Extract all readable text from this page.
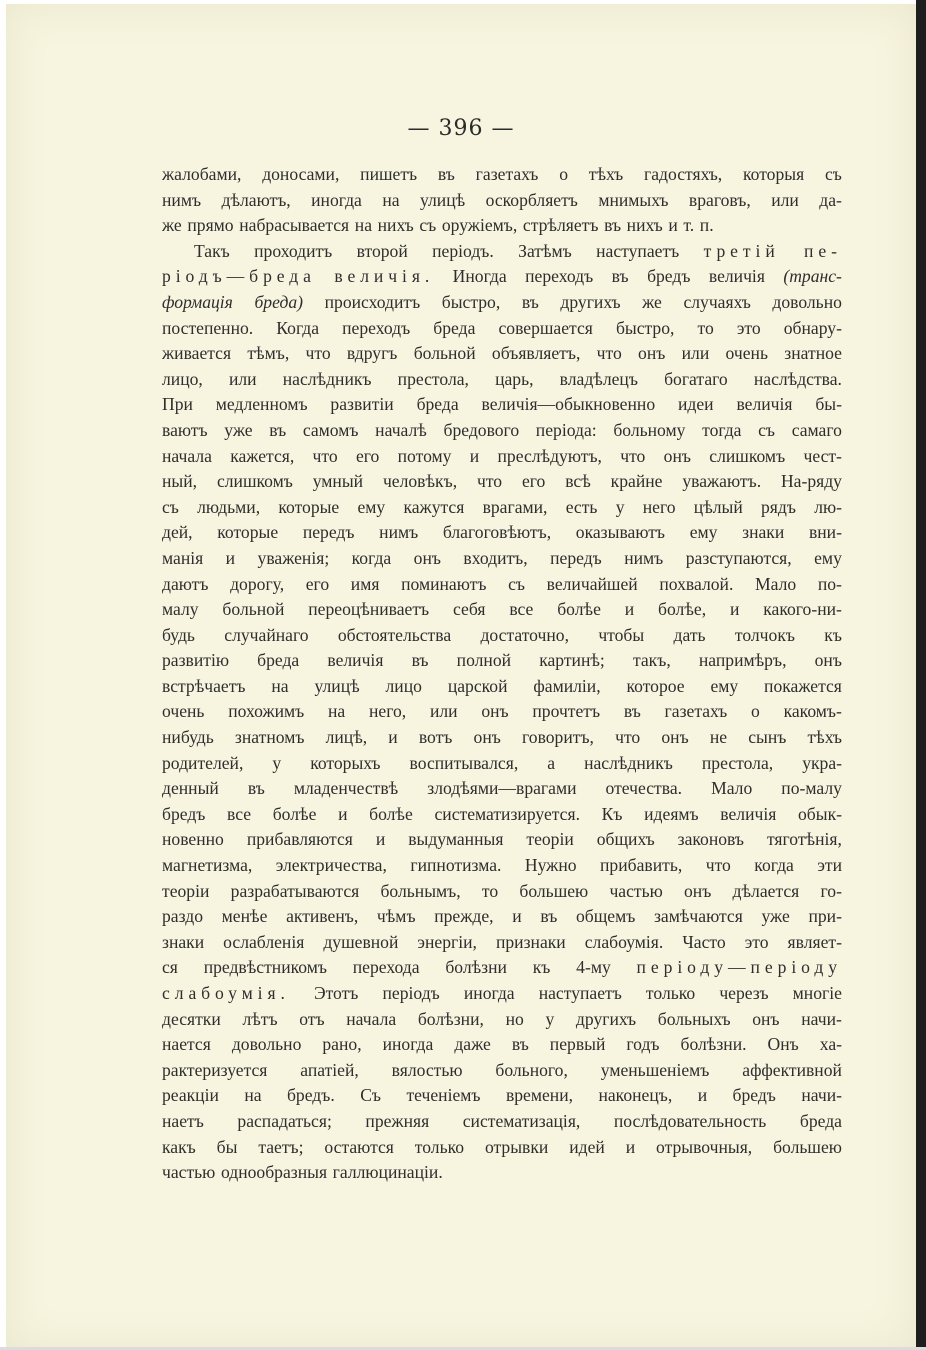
— 396 —
жалобами, доносами, пишетъ въ газетахъ о тѣхъ гадостяхъ, которыя съ
нимъ дѣлаютъ, иногда на улицѣ оскорбляетъ мнимыхъ враговъ, или да-
же прямо набрасывается на нихъ съ оружіемъ, стрѣляетъ въ нихъ и т. п.
Такъ проходитъ второй періодъ. Затѣмъ наступаетъ третій пе-
ріодъ—бреда величія. Иногда переходъ въ бредъ величія (транс-
формація бреда) происходитъ быстро, въ другихъ же случаяхъ довольно
постепенно. Когда переходъ бреда совершается быстро, то это обнару-
живается тѣмъ, что вдругъ больной объявляетъ, что онъ или очень знатное
лицо, или наслѣдникъ престола, царь, владѣлецъ богатаго наслѣдства.
При медленномъ развитіи бреда величія—обыкновенно идеи величія бы-
ваютъ уже въ самомъ началѣ бредового періода: больному тогда съ самаго
начала кажется, что его потому и преслѣдуютъ, что онъ слишкомъ чест-
ный, слишкомъ умный человѣкъ, что его всѣ крайне уважаютъ. На-ряду
съ людьми, которые ему кажутся врагами, есть у него цѣлый рядъ лю-
дей, которые передъ нимъ благоговѣютъ, оказываютъ ему знаки вни-
манія и уваженія; когда онъ входитъ, передъ нимъ разступаются, ему
даютъ дорогу, его имя поминаютъ съ величайшей похвалой. Мало по-
малу больной переоцѣниваетъ себя все болѣе и болѣе, и какого-ни-
будь случайнаго обстоятельства достаточно, чтобы дать толчокъ къ
развитію бреда величія въ полной картинѣ; такъ, напримѣръ, онъ
встрѣчаетъ на улицѣ лицо царской фамиліи, которое ему покажется
очень похожимъ на него, или онъ прочтетъ въ газетахъ о какомъ-
нибудь знатномъ лицѣ, и вотъ онъ говоритъ, что онъ не сынъ тѣхъ
родителей, у которыхъ воспитывался, а наслѣдникъ престола, укра-
денный въ младенчествѣ злодѣями—врагами отечества. Мало по-малу
бредъ все болѣе и болѣе систематизируется. Къ идеямъ величія обык-
новенно прибавляются и выдуманныя теоріи общихъ законовъ тяготѣнія,
магнетизма, электричества, гипнотизма. Нужно прибавить, что когда эти
теоріи разрабатываются больнымъ, то большею частью онъ дѣлается го-
раздо менѣе активенъ, чѣмъ прежде, и въ общемъ замѣчаются уже при-
знаки ослабленія душевной энергіи, признаки слабоумія. Часто это являет-
ся предвѣстникомъ перехода болѣзни къ 4-му періоду—періоду
слабоумія. Этотъ періодъ иногда наступаетъ только черезъ многіе
десятки лѣтъ отъ начала болѣзни, но у другихъ больныхъ онъ начи-
нается довольно рано, иногда даже въ первый годъ болѣзни. Онъ ха-
рактеризуется апатіей, вялостью больного, уменьшеніемъ аффективной
реакціи на бредъ. Съ теченіемъ времени, наконецъ, и бредъ начи-
наетъ распадаться; прежняя систематизація, послѣдовательность бреда
какъ бы таетъ; остаются только отрывки идей и отрывочныя, большею
частью однообразныя галлюцинаціи.
